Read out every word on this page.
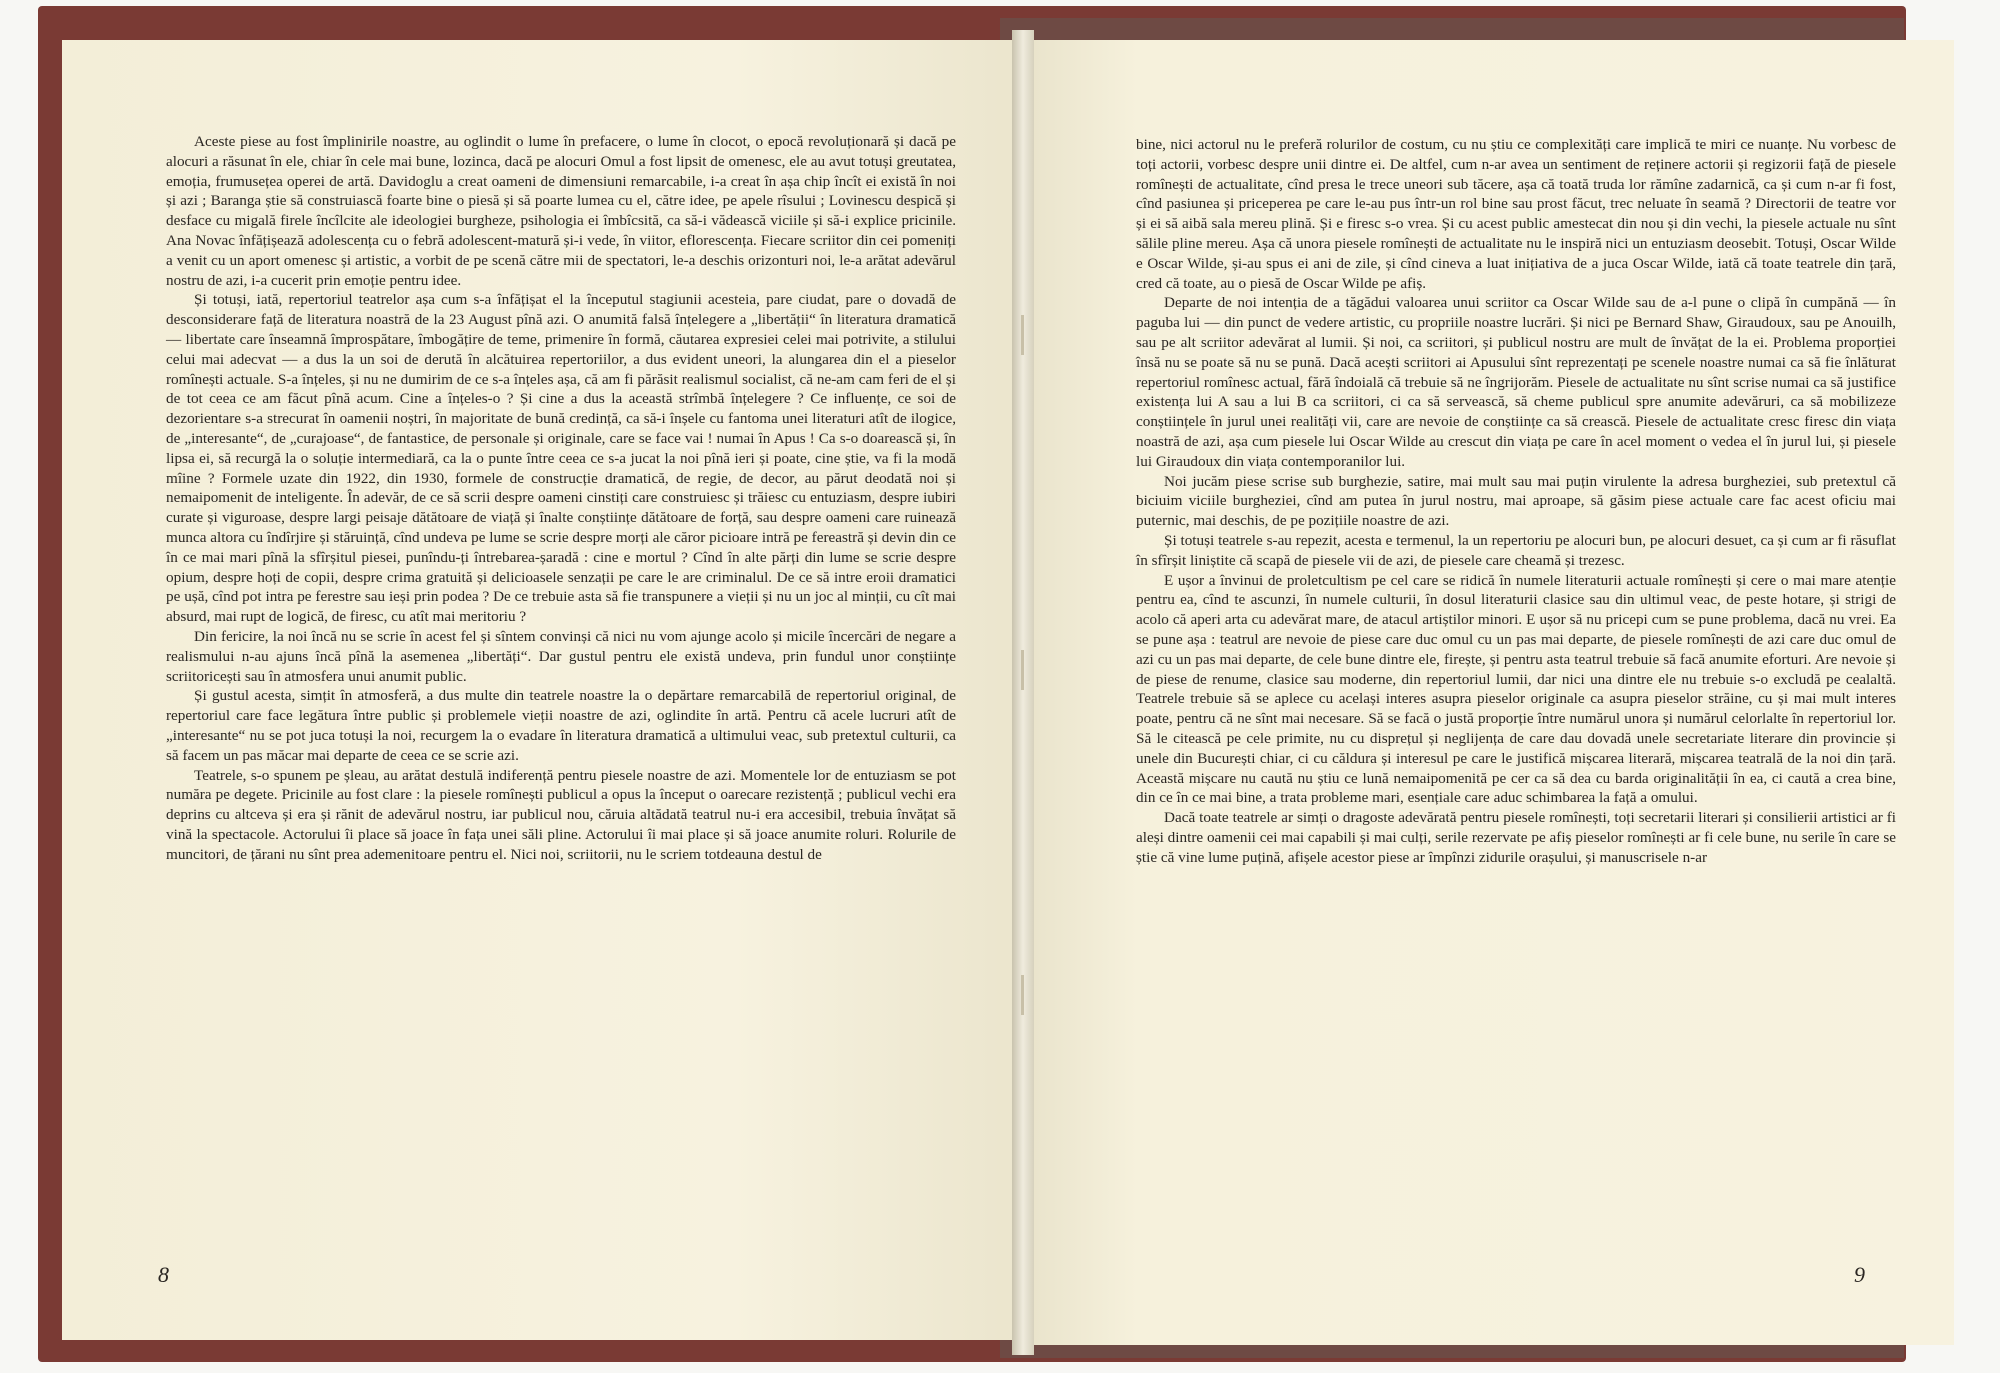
Aceste piese au fost împlinirile noastre, au oglindit o lume în prefacere, o lume în clocot, o epocă revoluționară și dacă pe alocuri a răsunat în ele, chiar în cele mai bune, lozinca, dacă pe alocuri Omul a fost lipsit de omenesc, ele au avut totuși greutatea, emoția, frumusețea operei de artă. Davidoglu a creat oameni de dimensiuni remarcabile, i-a creat în așa chip încît ei există în noi și azi ; Baranga știe să construiască foarte bine o piesă și să poarte lumea cu el, către idee, pe apele rîsului ; Lovinescu despică și desface cu migală firele încîlcite ale ideologiei burgheze, psihologia ei îmbîcsită, ca să-i vădească viciile și să-i explice pricinile. Ana Novac înfățișează adolescența cu o febră adolescent-matură și-i vede, în viitor, eflorescența. Fiecare scriitor din cei pomeniți a venit cu un aport omenesc și artistic, a vorbit de pe scenă către mii de spectatori, le-a deschis orizonturi noi, le-a arătat adevărul nostru de azi, i-a cucerit prin emoție pentru idee.

Și totuși, iată, repertoriul teatrelor așa cum s-a înfățișat el la începutul stagiunii acesteia, pare ciudat, pare o dovadă de desconsiderare față de literatura noastră de la 23 August pînă azi. O anumită falsă înțelegere a „libertății“ în literatura dramatică — libertate care înseamnă împrospătare, îmbogățire de teme, primenire în formă, căutarea expresiei celei mai potrivite, a stilului celui mai adecvat — a dus la un soi de derută în alcătuirea repertoriilor, a dus evident uneori, la alungarea din el a pieselor romînești actuale. S-a înțeles, și nu ne dumirim de ce s-a înțeles așa, că am fi părăsit realismul socialist, că ne-am cam feri de el și de tot ceea ce am făcut pînă acum. Cine a înțeles-o ? Și cine a dus la această strîmbă înțelegere ? Ce influențe, ce soi de dezorientare s-a strecurat în oamenii noștri, în majoritate de bună credință, ca să-i înșele cu fantoma unei literaturi atît de ilogice, de „interesante“, de „curajoase“, de fantastice, de personale și originale, care se face vai ! numai în Apus ! Ca s-o doarească și, în lipsa ei, să recurgă la o soluție intermediară, ca la o punte între ceea ce s-a jucat la noi pînă ieri și poate, cine știe, va fi la modă mîine ? Formele uzate din 1922, din 1930, formele de construcție dramatică, de regie, de decor, au părut deodată noi și nemaipomenit de inteligente. În adevăr, de ce să scrii despre oameni cinstiți care construiesc și trăiesc cu entuziasm, despre iubiri curate și viguroase, despre largi peisaje dătătoare de viață și înalte conștiințe dătătoare de forță, sau despre oameni care ruinează munca altora cu îndîrjire și stăruință, cînd undeva pe lume se scrie despre morți ale căror picioare intră pe fereastră și devin din ce în ce mai mari pînă la sfîrșitul piesei, punîndu-ți întrebarea-șaradă : cine e mortul ? Cînd în alte părți din lume se scrie despre opium, despre hoți de copii, despre crima gratuită și delicioasele senzații pe care le are criminalul. De ce să intre eroii dramatici pe ușă, cînd pot intra pe ferestre sau ieși prin podea ? De ce trebuie asta să fie transpunere a vieții și nu un joc al minții, cu cît mai absurd, mai rupt de logică, de firesc, cu atît mai meritoriu ?

Din fericire, la noi încă nu se scrie în acest fel și sîntem convinși că nici nu vom ajunge acolo și micile încercări de negare a realismului n-au ajuns încă pînă la asemenea „libertăți“. Dar gustul pentru ele există undeva, prin fundul unor conștiințe scriitoricești sau în atmosfera unui anumit public.

Și gustul acesta, simțit în atmosferă, a dus multe din teatrele noastre la o depărtare remarcabilă de repertoriul original, de repertoriul care face legătura între public și problemele vieții noastre de azi, oglindite în artă. Pentru că acele lucruri atît de „interesante“ nu se pot juca totuși la noi, recurgem la o evadare în literatura dramatică a ultimului veac, sub pretextul culturii, ca să facem un pas măcar mai departe de ceea ce se scrie azi.

Teatrele, s-o spunem pe șleau, au arătat destulă indiferență pentru piesele noastre de azi. Momentele lor de entuziasm se pot număra pe degete. Pricinile au fost clare : la piesele romînești publicul a opus la început o oarecare rezistență ; publicul vechi era deprins cu altceva și era și rănit de adevărul nostru, iar publicul nou, căruia altădată teatrul nu-i era accesibil, trebuia învățat să vină la spectacole. Actorului îi place să joace în fața unei săli pline. Actorului îi mai place și să joace anumite roluri. Rolurile de muncitori, de țărani nu sînt prea ademenitoare pentru el. Nici noi, scriitorii, nu le scriem totdeauna destul de

8

bine, nici actorul nu le preferă rolurilor de costum, cu nu știu ce complexități care implică te miri ce nuanțe. Nu vorbesc de toți actorii, vorbesc despre unii dintre ei. De altfel, cum n-ar avea un sentiment de reținere actorii și regizorii față de piesele romînești de actualitate, cînd presa le trece uneori sub tăcere, așa că toată truda lor rămîne zadarnică, ca și cum n-ar fi fost, cînd pasiunea și priceperea pe care le-au pus într-un rol bine sau prost făcut, trec neluate în seamă ? Directorii de teatre vor și ei să aibă sala mereu plină. Și e firesc s-o vrea. Și cu acest public amestecat din nou și din vechi, la piesele actuale nu sînt sălile pline mereu. Așa că unora piesele romînești de actualitate nu le inspiră nici un entuziasm deosebit. Totuși, Oscar Wilde e Oscar Wilde, și-au spus ei ani de zile, și cînd cineva a luat inițiativa de a juca Oscar Wilde, iată că toate teatrele din țară, cred că toate, au o piesă de Oscar Wilde pe afiș.

Departe de noi intenția de a tăgădui valoarea unui scriitor ca Oscar Wilde sau de a-l pune o clipă în cumpănă — în paguba lui — din punct de vedere artistic, cu propriile noastre lucrări. Și nici pe Bernard Shaw, Giraudoux, sau pe Anouilh, sau pe alt scriitor adevărat al lumii. Și noi, ca scriitori, și publicul nostru are mult de învățat de la ei. Problema proporției însă nu se poate să nu se pună. Dacă acești scriitori ai Apusului sînt reprezentați pe scenele noastre numai ca să fie înlăturat repertoriul romînesc actual, fără îndoială că trebuie să ne îngrijorăm. Piesele de actualitate nu sînt scrise numai ca să justifice existența lui A sau a lui B ca scriitori, ci ca să servească, să cheme publicul spre anumite adevăruri, ca să mobilizeze conștiințele în jurul unei realități vii, care are nevoie de conștiințe ca să crească. Piesele de actualitate cresc firesc din viața noastră de azi, așa cum piesele lui Oscar Wilde au crescut din viața pe care în acel moment o vedea el în jurul lui, și piesele lui Giraudoux din viața contemporanilor lui.

Noi jucăm piese scrise sub burghezie, satire, mai mult sau mai puțin virulente la adresa burgheziei, sub pretextul că biciuim viciile burgheziei, cînd am putea în jurul nostru, mai aproape, să găsim piese actuale care fac acest oficiu mai puternic, mai deschis, de pe pozițiile noastre de azi.

Și totuși teatrele s-au repezit, acesta e termenul, la un repertoriu pe alocuri bun, pe alocuri desuet, ca și cum ar fi răsuflat în sfîrșit liniștite că scapă de piesele vii de azi, de piesele care cheamă și trezesc.

E ușor a învinui de proletcultism pe cel care se ridică în numele literaturii actuale romînești și cere o mai mare atenție pentru ea, cînd te ascunzi, în numele culturii, în dosul literaturii clasice sau din ultimul veac, de peste hotare, și strigi de acolo că aperi arta cu adevărat mare, de atacul artiștilor minori. E ușor să nu pricepi cum se pune problema, dacă nu vrei. Ea se pune așa : teatrul are nevoie de piese care duc omul cu un pas mai departe, de piesele romînești de azi care duc omul de azi cu un pas mai departe, de cele bune dintre ele, firește, și pentru asta teatrul trebuie să facă anumite eforturi. Are nevoie și de piese de renume, clasice sau moderne, din repertoriul lumii, dar nici una dintre ele nu trebuie s-o excludă pe cealaltă. Teatrele trebuie să se aplece cu același interes asupra pieselor originale ca asupra pieselor străine, cu și mai mult interes poate, pentru că ne sînt mai necesare. Să se facă o justă proporție între numărul unora și numărul celorlalte în repertoriul lor. Să le citească pe cele primite, nu cu disprețul și neglijența de care dau dovadă unele secretariate literare din provincie și unele din București chiar, ci cu căldura și interesul pe care le justifică mișcarea literară, mișcarea teatrală de la noi din țară. Această mișcare nu caută nu știu ce lună nemaipomenită pe cer ca să dea cu barda originalității în ea, ci caută a crea bine, din ce în ce mai bine, a trata probleme mari, esențiale care aduc schimbarea la față a omului.

Dacă toate teatrele ar simți o dragoste adevărată pentru piesele romînești, toți secretarii literari și consilierii artistici ar fi aleși dintre oamenii cei mai capabili și mai culți, serile rezervate pe afiș pieselor romînești ar fi cele bune, nu serile în care se știe că vine lume puțină, afișele acestor piese ar împînzi zidurile orașului, și manuscrisele n-ar

9
